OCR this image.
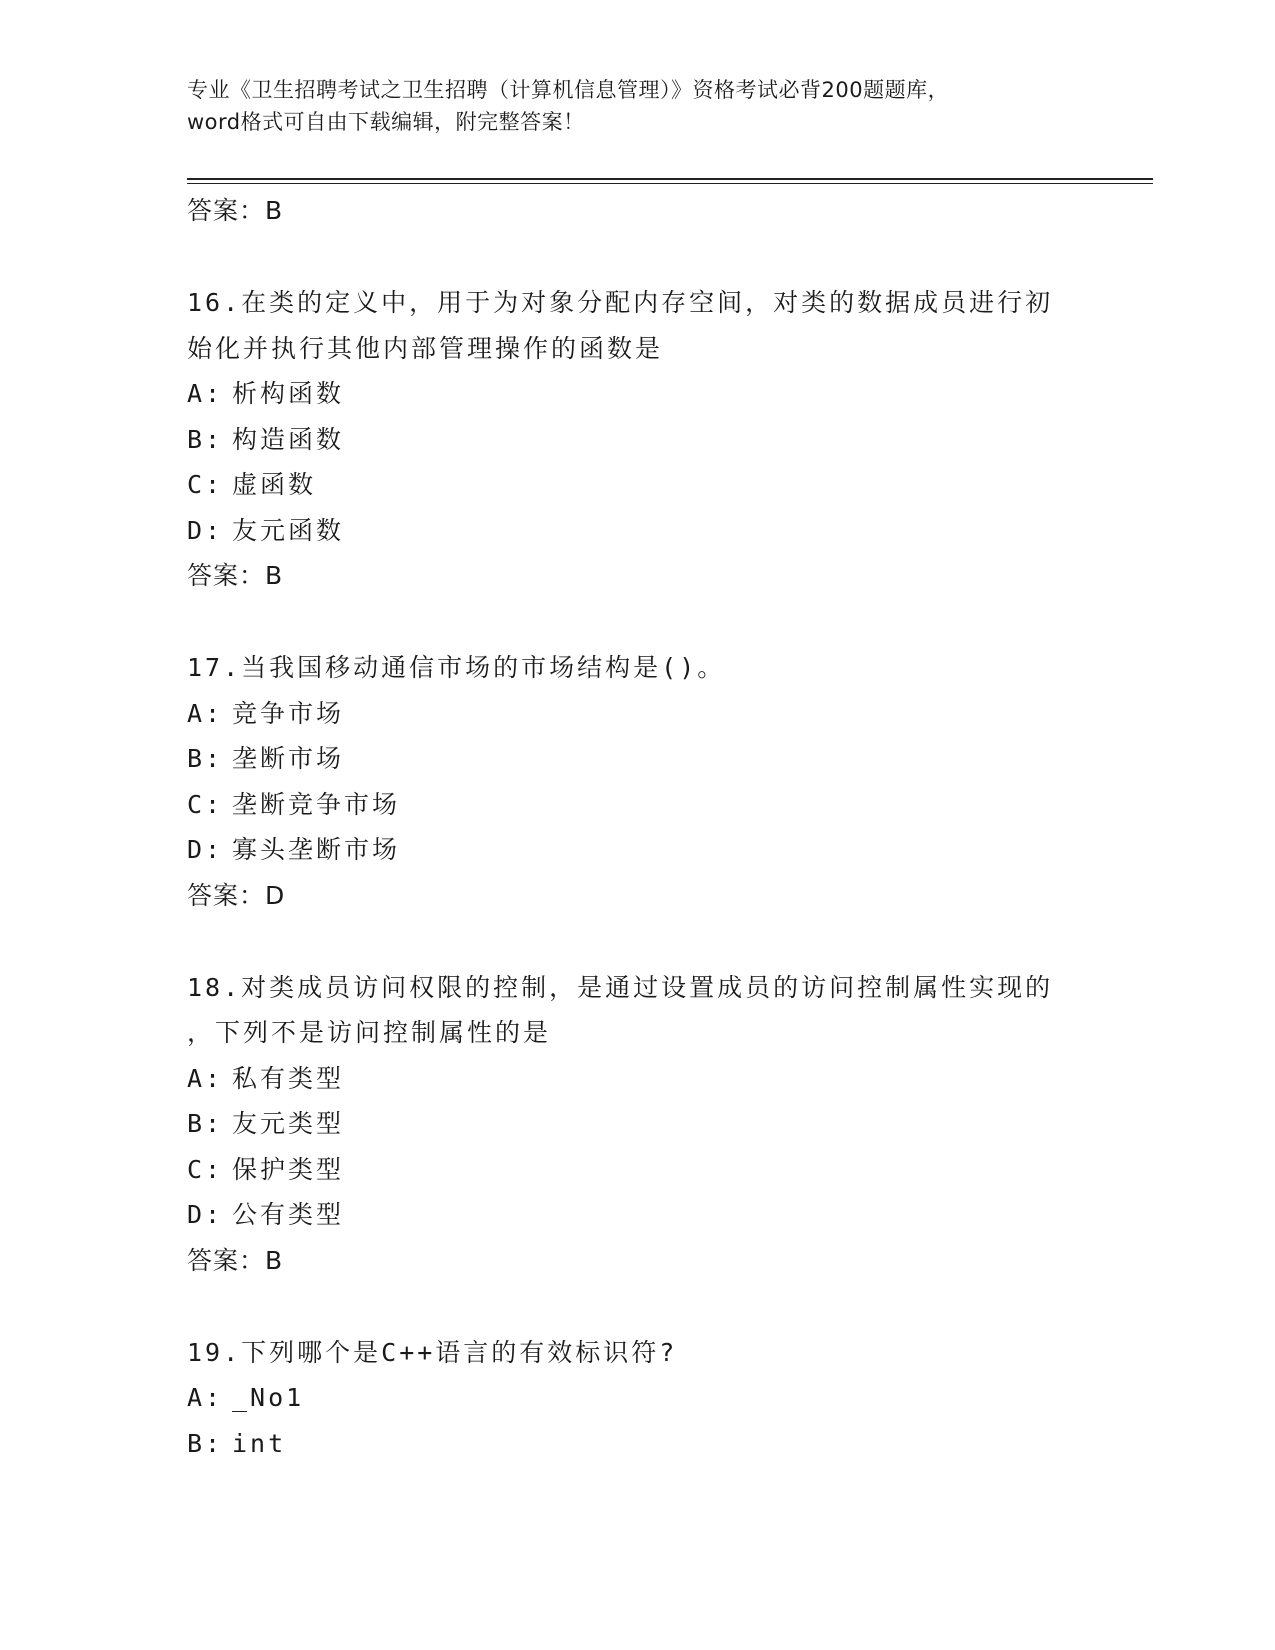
专业《卫生招聘考试之卫生招聘（计算机信息管理）》资格考试必背200题题库，
word格式可自由下载编辑，附完整答案！
答案：B
16.在类的定义中，用于为对象分配内存空间，对类的数据成员进行初
始化并执行其他内部管理操作的函数是
A: 析构函数
B: 构造函数
C: 虚函数
D: 友元函数
答案：B
17.当我国移动通信市场的市场结构是()。
A: 竞争市场
B: 垄断市场
C: 垄断竞争市场
D: 寡头垄断市场
答案：D
18.对类成员访问权限的控制，是通过设置成员的访问控制属性实现的
，下列不是访问控制属性的是
A: 私有类型
B: 友元类型
C: 保护类型
D: 公有类型
答案：B
19.下列哪个是C++语言的有效标识符?
A: _No1
B: int
